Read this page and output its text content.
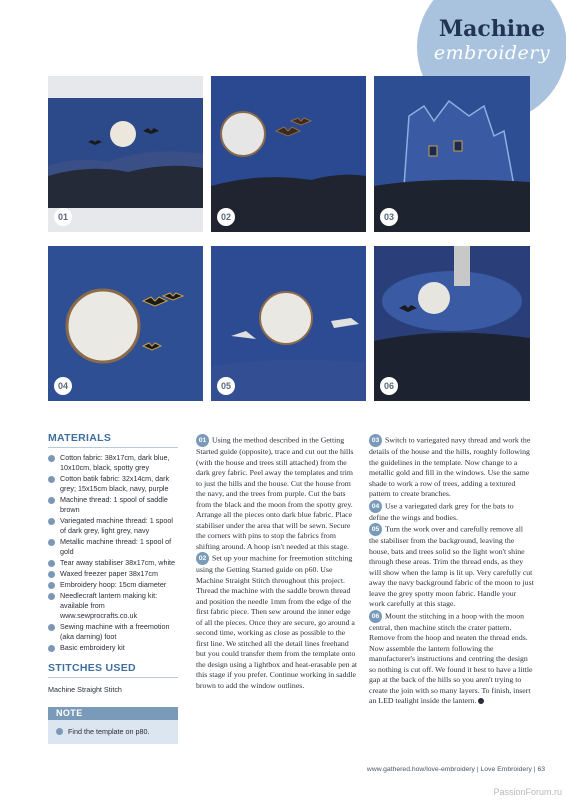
Machine
embroidery
01	02	03
04	05	06
MATERIALS
Cotton fabric: 38x17cm, dark blue, 10x10cm, black, spotty grey
Cotton batik fabric: 32x14cm, dark grey; 15x15cm black, navy, purple
Machine thread: 1 spool of saddle brown
Variegated machine thread: 1 spool of dark grey, light grey, navy
Metallic machine thread: 1 spool of gold
Tear away stabiliser 38x17cm, white
Waxed freezer paper 38x17cm
Embroidery hoop: 15cm diameter
Needlecraft lantern making kit: available from www.sewprocrafts.co.uk
Sewing machine with a freemotion (aka darning) foot
Basic embroidery kit
STITCHES USED
Machine Straight Stitch
NOTE
Find the template on p80.

01 Using the method described in the Getting Started guide (opposite), trace and cut out the hills (with the house and trees still attached) from the dark grey fabric. Peel away the templates and trim to just the hills and the house. Cut the house from the navy, and the trees from purple. Cut the bats from the black and the moon from the spotty grey. Arrange all the pieces onto dark blue fabric. Place stabiliser under the area that will be sewn. Secure the corners with pins to stop the fabrics from shifting around. A hoop isn't needed at this stage.

02 Set up your machine for freemotion stitching using the Getting Started guide on p60. Use Machine Straight Stitch throughout this project. Thread the machine with the saddle brown thread and position the needle 1mm from the edge of the first fabric piece. Then sew around the inner edge of all the pieces. Once they are secure, go around a second time, working as close as possible to the first line. We stitched all the detail lines freehand but you could transfer them from the template onto the design using a lightbox and heat-erasable pen at this stage if you prefer. Continue working in saddle brown to add the window outlines.

03 Switch to variegated navy thread and work the details of the house and the hills, roughly following the guidelines in the template. Now change to a metallic gold and fill in the windows. Use the same shade to work a row of trees, adding a textured pattern to create branches.

04 Use a variegated dark grey for the bats to define the wings and bodies.

05 Turn the work over and carefully remove all the stabiliser from the background, leaving the house, bats and trees solid so the light won't shine through these areas. Trim the thread ends, as they will show when the lamp is lit up. Very carefully cut away the navy background fabric of the moon to just leave the grey spotty moon fabric. Handle your work carefully at this stage.

06 Mount the stitching in a hoop with the moon central, then machine stitch the crater pattern. Remove from the hoop and neaten the thread ends. Now assemble the lantern following the manufacturer's instructions and centring the design so nothing is cut off. We found it best to have a little gap at the back of the hills so you aren't trying to create the join with so many layers. To finish, insert an LED tealight inside the lantern.

www.gathered.how/love-embroidery | Love Embroidery | 63
PassionForum.ru
